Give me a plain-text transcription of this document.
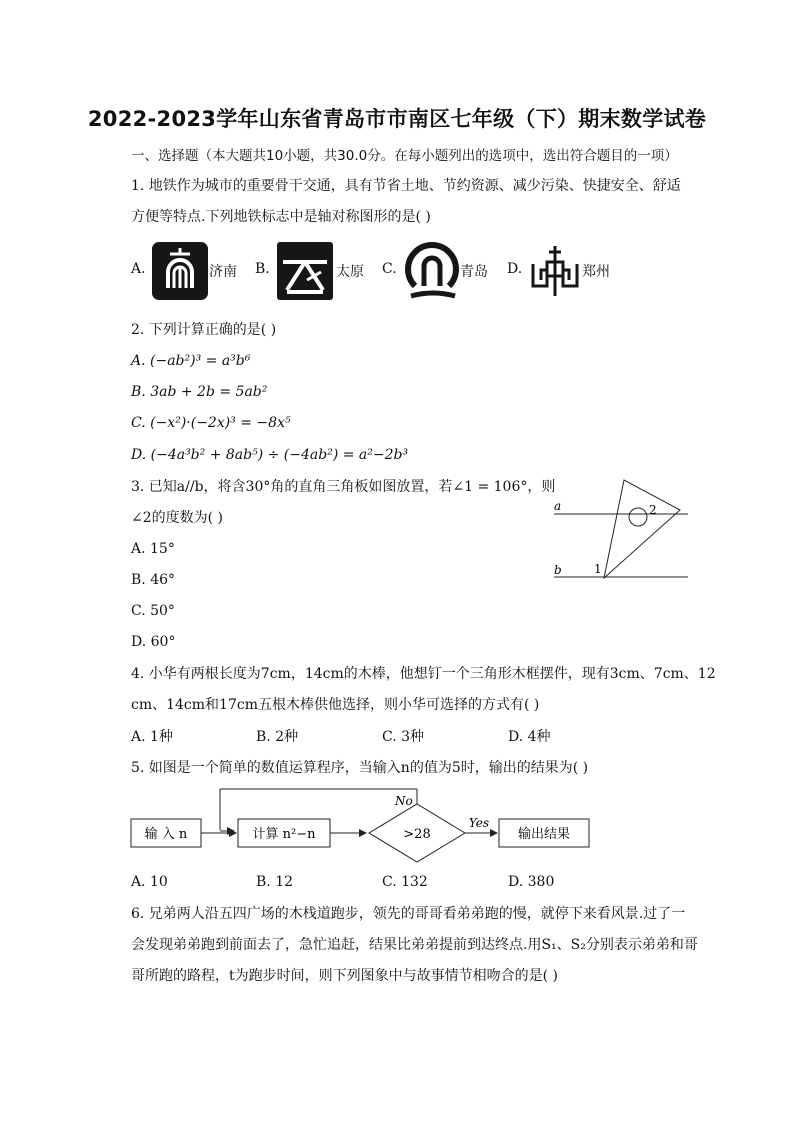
2022-2023学年山东省青岛市市南区七年级（下）期末数学试卷
一、选择题（本大题共10小题，共30.0分。在每小题列出的选项中，选出符合题目的一项）
1. 地铁作为城市的重要骨干交通，具有节省土地、节约资源、减少污染、快捷安全、舒适
方便等特点.下列地铁标志中是轴对称图形的是( )
A.	济南 B.	太原 C.	青岛 D.	郑州
2. 下列计算正确的是( )
A. (−ab²)³ = a³b⁶
B. 3ab + 2b = 5ab²
C. (−x²)·(−2x)³ = −8x⁵
D. (−4a³b² + 8ab⁵) ÷ (−4ab²) = a²−2b³
3. 已知a//b，将含30°角的直角三角板如图放置，若∠1 = 106°，则
∠2的度数为( )
A. 15°
B. 46°
C. 50°
D. 60°
a
b	1
2
4. 小华有两根长度为7cm，14cm的木棒，他想钉一个三角形木框摆件，现有3cm、7cm、12
cm、14cm和17cm五根木棒供他选择，则小华可选择的方式有( )
A. 1种	B. 2种	C. 3种	D. 4种
5. 如图是一个简单的数值运算程序，当输入n的值为5时，输出的结果为( )
输 入 n	计算 n²−n	>28
No
Yes
输出结果
A. 10	B. 12	C. 132	D. 380
6. 兄弟两人沿五四广场的木栈道跑步，领先的哥哥看弟弟跑的慢，就停下来看风景.过了一
会发现弟弟跑到前面去了，急忙追赶，结果比弟弟提前到达终点.用S₁、S₂分别表示弟弟和哥
哥所跑的路程，t为跑步时间，则下列图象中与故事情节相吻合的是( )
